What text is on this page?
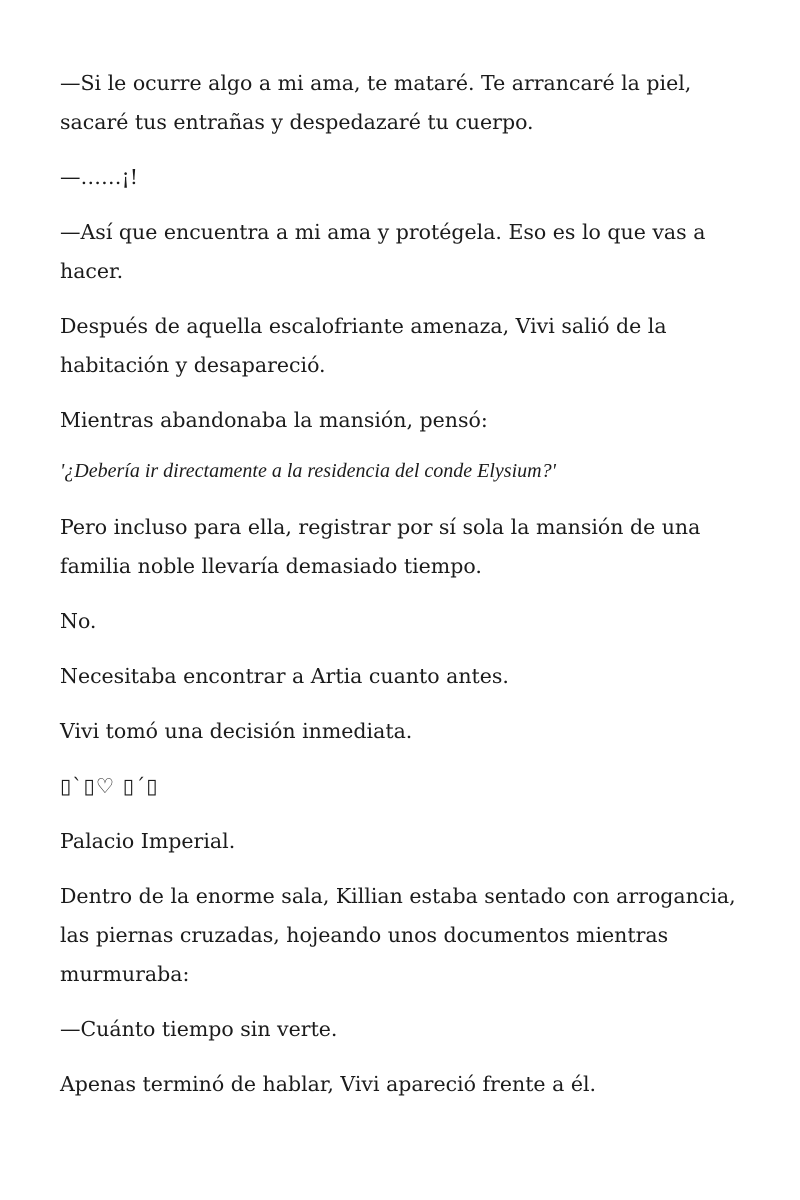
—Si le ocurre algo a mi ama, te mataré. Te arrancaré la piel, sacaré tus entrañas y despedazaré tu cuerpo.

—……¡!

—Así que encuentra a mi ama y protégela. Eso es lo que vas a hacer.

Después de aquella escalofriante amenaza, Vivi salió de la habitación y desapareció.

Mientras abandonaba la mansión, pensó:

'¿Debería ir directamente a la residencia del conde Elysium?'

Pero incluso para ella, registrar por sí sola la mansión de una familia noble llevaría demasiado tiempo.

No.

Necesitaba encontrar a Artia cuanto antes.

Vivi tomó una decisión inmediata.

▯`▯♡ ▯´▯

Palacio Imperial.

Dentro de la enorme sala, Killian estaba sentado con arrogancia, las piernas cruzadas, hojeando unos documentos mientras murmuraba:

—Cuánto tiempo sin verte.

Apenas terminó de hablar, Vivi apareció frente a él.
